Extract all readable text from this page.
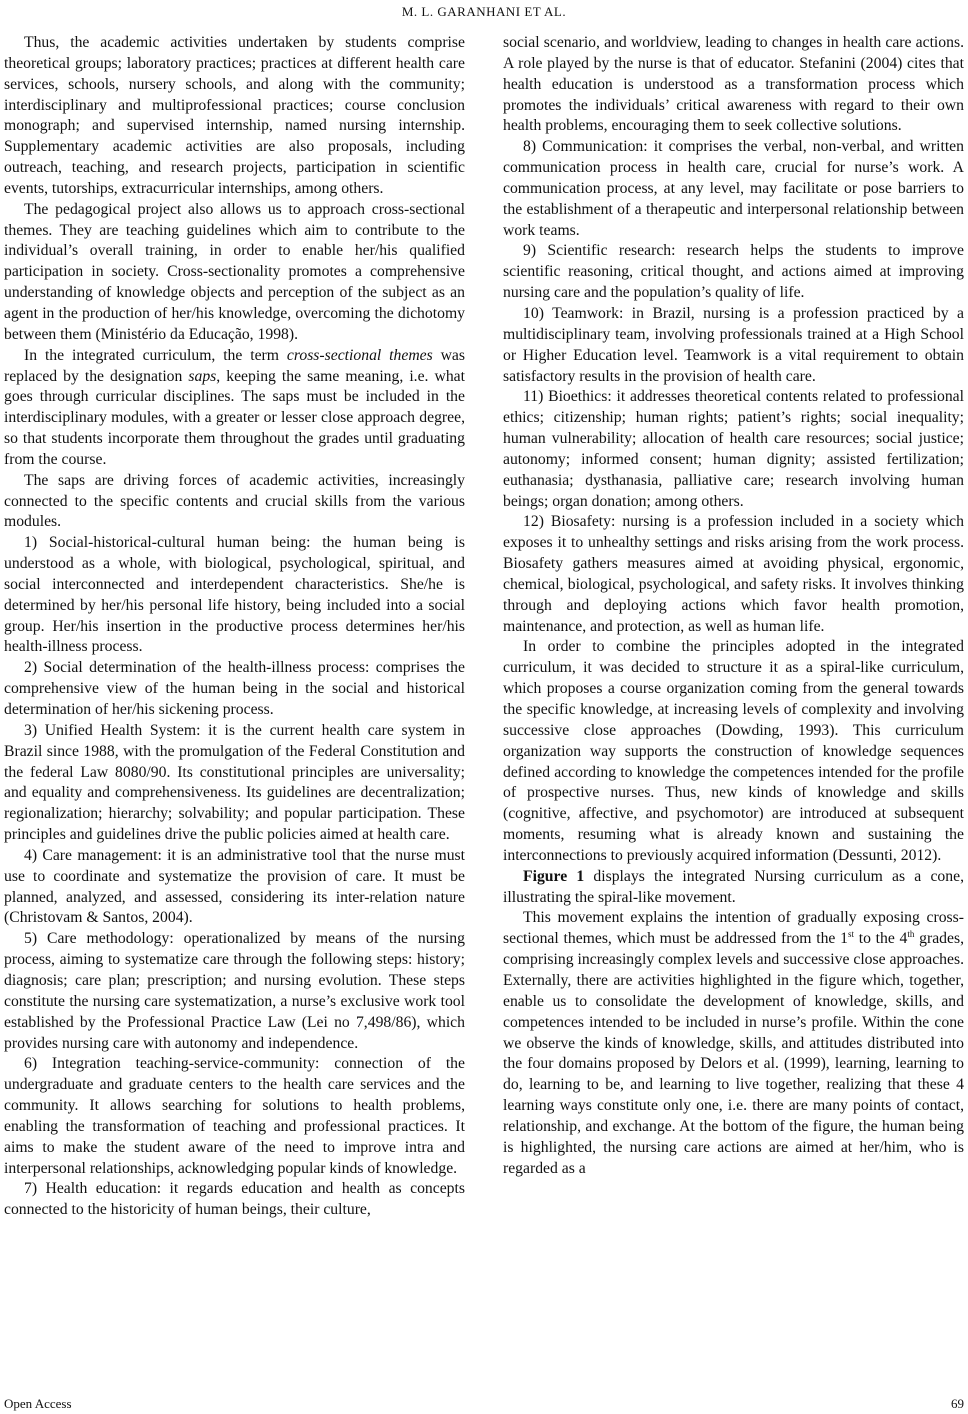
M. L. GARANHANI ET AL.

Thus, the academic activities undertaken by students comprise theoretical groups; laboratory practices; practices at different health care services, schools, nursery schools, and along with the community; interdisciplinary and multiprofessional practices; course conclusion monograph; and supervised internship, named nursing internship. Supplementary academic activities are also proposals, including outreach, teaching, and research projects, participation in scientific events, tutorships, extracurricular internships, among others.

The pedagogical project also allows us to approach cross-sectional themes. They are teaching guidelines which aim to contribute to the individual’s overall training, in order to enable her/his qualified participation in society. Cross-sectionality promotes a comprehensive understanding of knowledge objects and perception of the subject as an agent in the production of her/his knowledge, overcoming the dichotomy between them (Ministério da Educação, 1998).

In the integrated curriculum, the term cross-sectional themes was replaced by the designation saps, keeping the same meaning, i.e. what goes through curricular disciplines. The saps must be included in the interdisciplinary modules, with a greater or lesser close approach degree, so that students incorporate them throughout the grades until graduating from the course.

The saps are driving forces of academic activities, increasingly connected to the specific contents and crucial skills from the various modules.

1) Social-historical-cultural human being: the human being is understood as a whole, with biological, psychological, spiritual, and social interconnected and interdependent characteristics. She/he is determined by her/his personal life history, being included into a social group. Her/his insertion in the productive process determines her/his health-illness process.

2) Social determination of the health-illness process: comprises the comprehensive view of the human being in the social and historical determination of her/his sickening process.

3) Unified Health System: it is the current health care system in Brazil since 1988, with the promulgation of the Federal Constitution and the federal Law 8080/90. Its constitutional principles are universality; and equality and comprehensiveness. Its guidelines are decentralization; regionalization; hierarchy; solvability; and popular participation. These principles and guidelines drive the public policies aimed at health care.

4) Care management: it is an administrative tool that the nurse must use to coordinate and systematize the provision of care. It must be planned, analyzed, and assessed, considering its inter-relation nature (Christovam & Santos, 2004).

5) Care methodology: operationalized by means of the nursing process, aiming to systematize care through the following steps: history; diagnosis; care plan; prescription; and nursing evolution. These steps constitute the nursing care systematization, a nurse’s exclusive work tool established by the Professional Practice Law (Lei no 7,498/86), which provides nursing care with autonomy and independence.

6) Integration teaching-service-community: connection of the undergraduate and graduate centers to the health care services and the community. It allows searching for solutions to health problems, enabling the transformation of teaching and professional practices. It aims to make the student aware of the need to improve intra and interpersonal relationships, acknowledging popular kinds of knowledge.

7) Health education: it regards education and health as concepts connected to the historicity of human beings, their culture,

social scenario, and worldview, leading to changes in health care actions. A role played by the nurse is that of educator. Stefanini (2004) cites that health education is understood as a transformation process which promotes the individuals’ critical awareness with regard to their own health problems, encouraging them to seek collective solutions.

8) Communication: it comprises the verbal, non-verbal, and written communication process in health care, crucial for nurse’s work. A communication process, at any level, may facilitate or pose barriers to the establishment of a therapeutic and interpersonal relationship between work teams.

9) Scientific research: research helps the students to improve scientific reasoning, critical thought, and actions aimed at improving nursing care and the population’s quality of life.

10) Teamwork: in Brazil, nursing is a profession practiced by a multidisciplinary team, involving professionals trained at a High School or Higher Education level. Teamwork is a vital requirement to obtain satisfactory results in the provision of health care.

11) Bioethics: it addresses theoretical contents related to professional ethics; citizenship; human rights; patient’s rights; social inequality; human vulnerability; allocation of health care resources; social justice; autonomy; informed consent; human dignity; assisted fertilization; euthanasia; dysthanasia, palliative care; research involving human beings; organ donation; among others.

12) Biosafety: nursing is a profession included in a society which exposes it to unhealthy settings and risks arising from the work process. Biosafety gathers measures aimed at avoiding physical, ergonomic, chemical, biological, psychological, and safety risks. It involves thinking through and deploying actions which favor health promotion, maintenance, and protection, as well as human life.

In order to combine the principles adopted in the integrated curriculum, it was decided to structure it as a spiral-like curriculum, which proposes a course organization coming from the general towards the specific knowledge, at increasing levels of complexity and involving successive close approaches (Dowding, 1993). This curriculum organization way supports the construction of knowledge sequences defined according to knowledge the competences intended for the profile of prospective nurses. Thus, new kinds of knowledge and skills (cognitive, affective, and psychomotor) are introduced at subsequent moments, resuming what is already known and sustaining the interconnections to previously acquired information (Dessunti, 2012).

Figure 1 displays the integrated Nursing curriculum as a cone, illustrating the spiral-like movement.

This movement explains the intention of gradually exposing cross-sectional themes, which must be addressed from the 1st to the 4th grades, comprising increasingly complex levels and successive close approaches. Externally, there are activities highlighted in the figure which, together, enable us to consolidate the development of knowledge, skills, and competences intended to be included in nurse’s profile. Within the cone we observe the kinds of knowledge, skills, and attitudes distributed into the four domains proposed by Delors et al. (1999), learning, learning to do, learning to be, and learning to live together, realizing that these 4 learning ways constitute only one, i.e. there are many points of contact, relationship, and exchange. At the bottom of the figure, the human being is highlighted, the nursing care actions are aimed at her/him, who is regarded as a

Open Access	69
